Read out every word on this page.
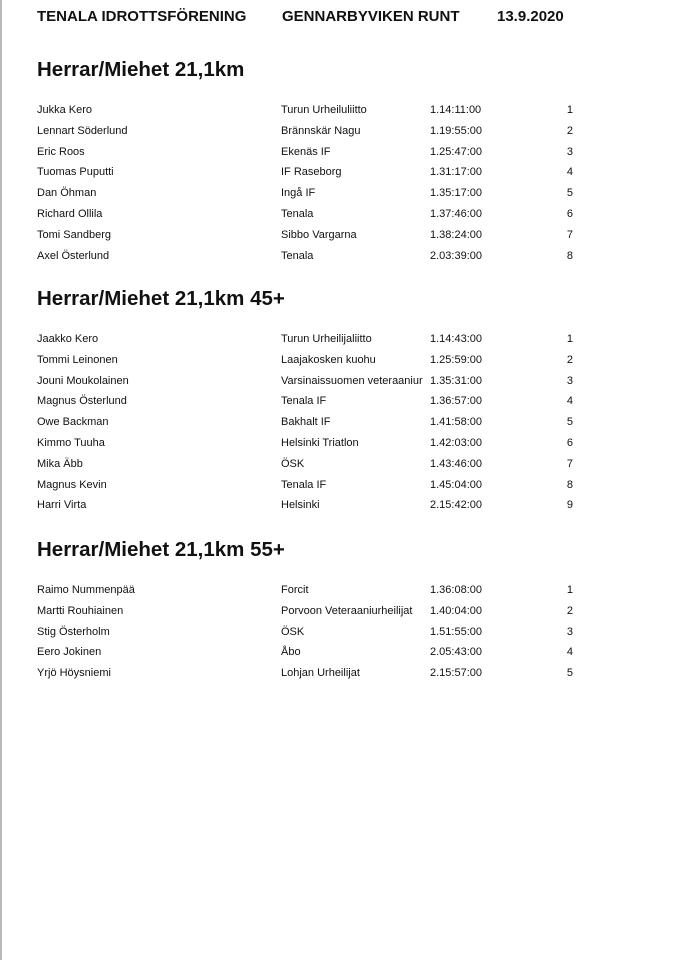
TENALA IDROTTSFÖRENING GENNARBYVIKEN RUNT 13.9.2020
Herrar/Miehet 21,1km
Jukka Kero	Turun Urheiluliitto	1.14:11:00	1
Lennart Söderlund	Brännskär Nagu	1.19:55:00	2
Eric Roos	Ekenäs IF	1.25:47:00	3
Tuomas Puputti	IF Raseborg	1.31:17:00	4
Dan Öhman	Ingå IF	1.35:17:00	5
Richard Ollila	Tenala	1.37:46:00	6
Tomi Sandberg	Sibbo Vargarna	1.38:24:00	7
Axel Österlund	Tenala	2.03:39:00	8
Herrar/Miehet 21,1km 45+
Jaakko Kero	Turun Urheilijaliitto	1.14:43:00	1
Tommi Leinonen	Laajakosken kuohu	1.25:59:00	2
Jouni Moukolainen	Varsinaissuomen veteraaniur 1.35:31:00	3
Magnus Österlund	Tenala IF	1.36:57:00	4
Owe Backman	Bakhalt IF	1.41:58:00	5
Kimmo Tuuha	Helsinki Triatlon	1.42:03:00	6
Mika Äbb	ÖSK	1.43:46:00	7
Magnus Kevin	Tenala IF	1.45:04:00	8
Harri Virta	Helsinki	2.15:42:00	9
Herrar/Miehet 21,1km 55+
Raimo Nummenpää	Forcit	1.36:08:00	1
Martti Rouhiainen	Porvoon Veteraaniurheilijat	1.40:04:00	2
Stig Österholm	ÖSK	1.51:55:00	3
Eero Jokinen	Åbo	2.05:43:00	4
Yrjö Höysniemi	Lohjan Urheilijat	2.15:57:00	5
